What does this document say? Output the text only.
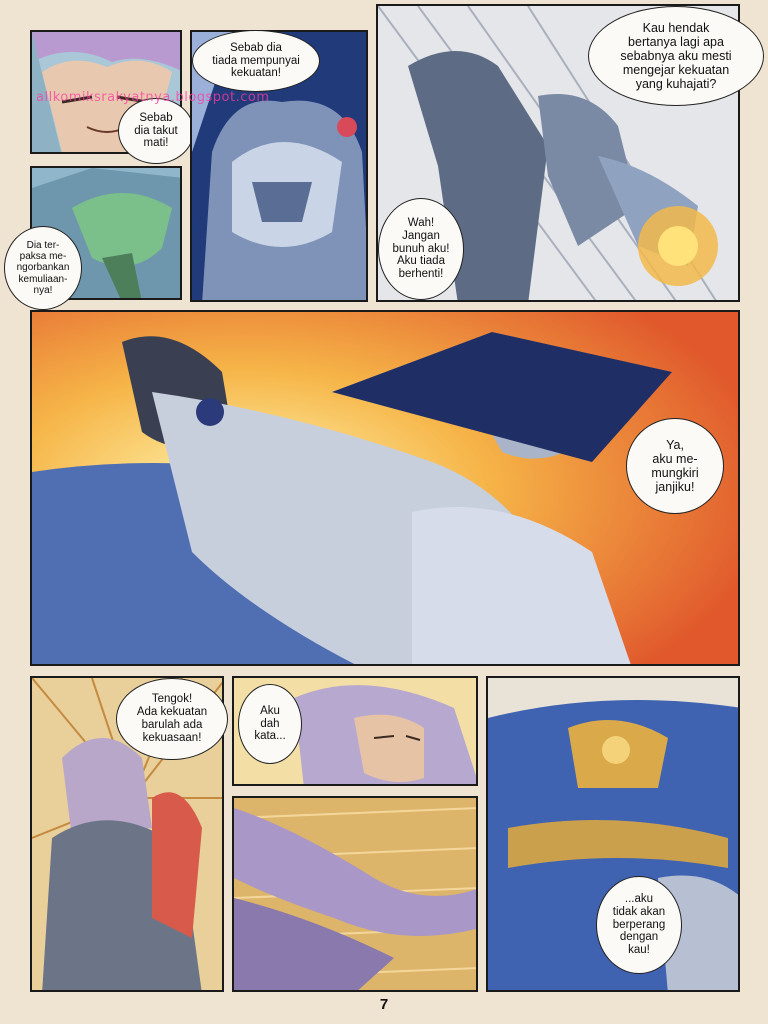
Sebab
dia takut
mati!
Sebab dia
tiada mempunyai
kekuatan!
Kau hendak
bertanya lagi apa
sebabnya aku mesti
mengejar kekuatan
yang kuhajati?
Wah!
Jangan
bunuh aku!
Aku tiada
berhenti!
Dia ter-
paksa me-
ngorbankan
kemuliaan-
nya!
Ya,
aku me-
mungkiri
janjiku!
Tengok!
Ada kekuatan
barulah ada
kekuasaan!
Aku
dah
kata...
...aku
tidak akan
berperang
dengan
kau!
allkomiksrakyatnya.blogspot.com
7
